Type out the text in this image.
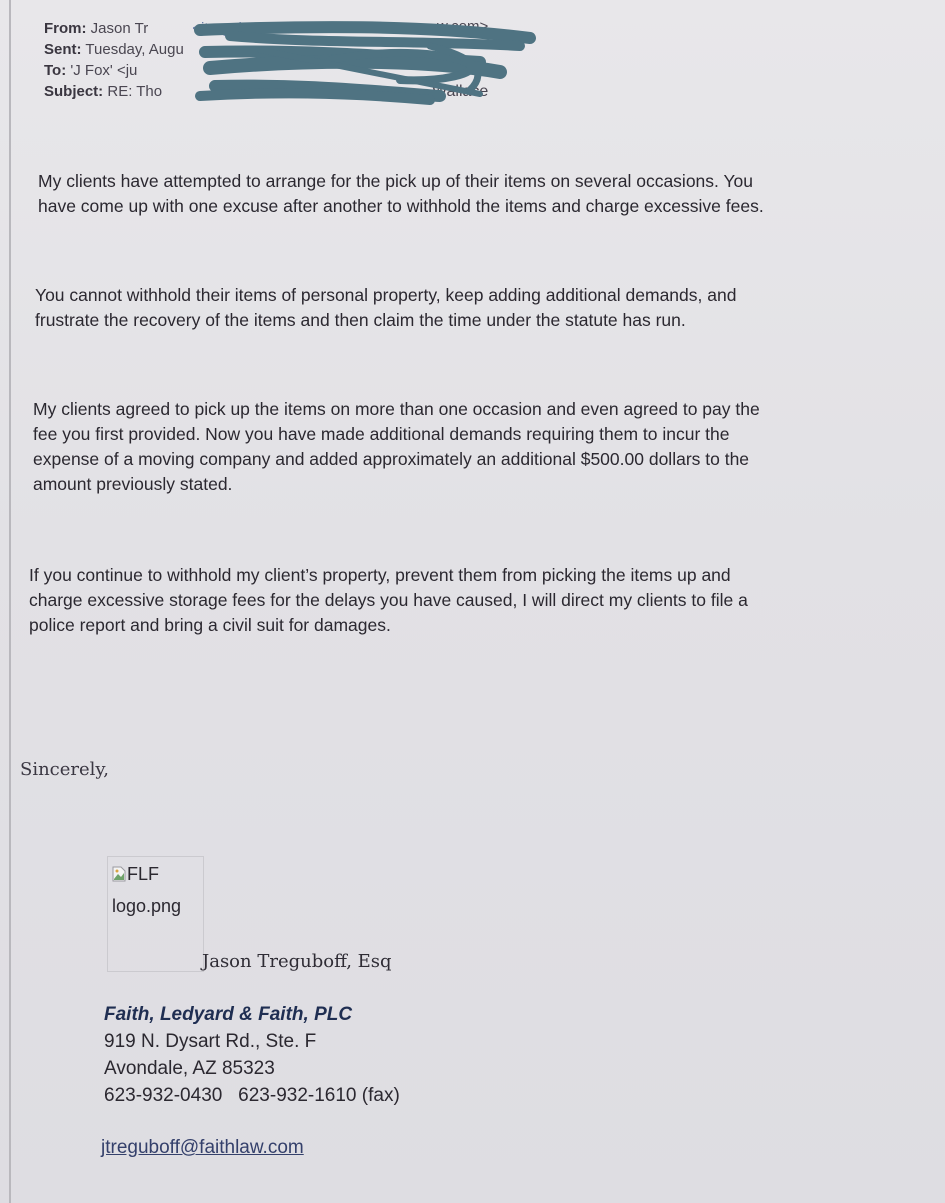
From: Jason Tr	<jtregub
Sent: Tuesday, Augu
To: 'J Fox' <ju
Subject: RE: Tho
w.com>
Wallace
My clients have attempted to arrange for the pick up of their items on several occasions. You
have come up with one excuse after another to withhold the items and charge excessive fees.
You cannot withhold their items of personal property, keep adding additional demands, and
frustrate the recovery of the items and then claim the time under the statute has run.
My clients agreed to pick up the items on more than one occasion and even agreed to pay the
fee you first provided. Now you have made additional demands requiring them to incur the
expense of a moving company and added approximately an additional $500.00 dollars to the
amount previously stated.
If you continue to withhold my client’s property, prevent them from picking the items up and
charge excessive storage fees for the delays you have caused, I will direct my clients to file a
police report and bring a civil suit for damages.
Sincerely,
FLF
logo.png
Jason Treguboff, Esq
Faith, Ledyard & Faith, PLC
919 N. Dysart Rd., Ste. F
Avondale, AZ 85323
623-932-0430 623-932-1610 (fax)
jtreguboff@faithlaw.com
